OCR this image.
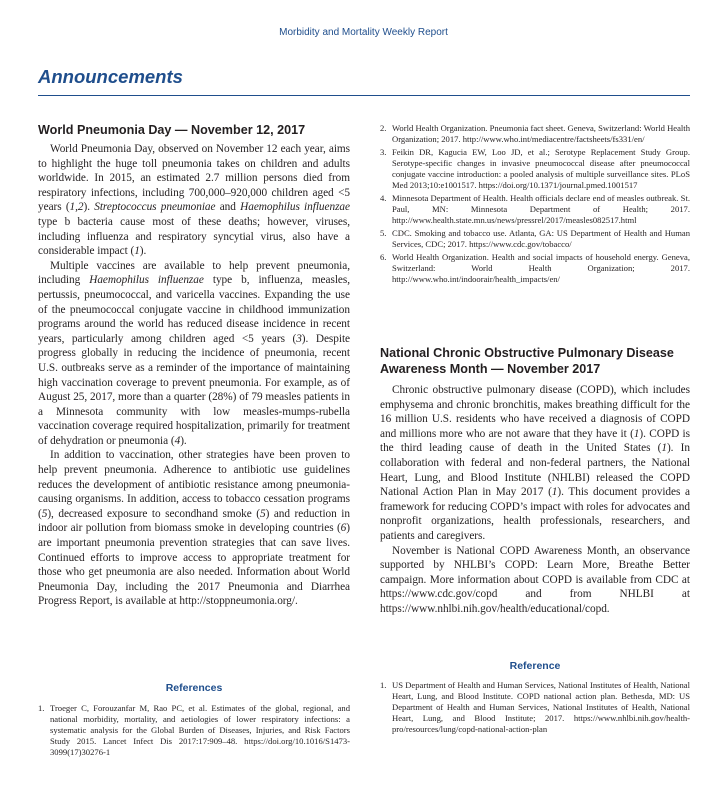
Morbidity and Mortality Weekly Report
Announcements
World Pneumonia Day — November 12, 2017

World Pneumonia Day, observed on November 12 each year, aims to highlight the huge toll pneumonia takes on children and adults worldwide. In 2015, an estimated 2.7 million persons died from respiratory infections, including 700,000–920,000 children aged <5 years (1,2). Streptococcus pneumoniae and Haemophilus influenzae type b bacteria cause most of these deaths; however, viruses, including influenza and respiratory syncytial virus, also have a considerable impact (1).

Multiple vaccines are available to help prevent pneumonia, including Haemophilus influenzae type b, influenza, measles, pertussis, pneumococcal, and varicella vaccines. Expanding the use of the pneumococcal conjugate vaccine in childhood immunization programs around the world has reduced disease incidence in recent years, particularly among children aged <5 years (3). Despite progress globally in reducing the incidence of pneumonia, recent U.S. outbreaks serve as a reminder of the importance of maintaining high vaccination coverage to prevent pneumonia. For example, as of August 25, 2017, more than a quarter (28%) of 79 measles patients in a Minnesota community with low measles-mumps-rubella vaccination coverage required hospitalization, primarily for treatment of dehydration or pneumonia (4).

In addition to vaccination, other strategies have been proven to help prevent pneumonia. Adherence to antibiotic use guidelines reduces the development of antibiotic resistance among pneumonia-causing organisms. In addition, access to tobacco cessation programs (5), decreased exposure to secondhand smoke (5) and reduction in indoor air pollution from biomass smoke in developing countries (6) are important pneumonia prevention strategies that can save lives. Continued efforts to improve access to appropriate treatment for those who get pneumonia are also needed. Information about World Pneumonia Day, including the 2017 Pneumonia and Diarrhea Progress Report, is available at http://stoppneumonia.org/.

References
1. Troeger C, Forouzanfar M, Rao PC, et al. Estimates of the global, regional, and national morbidity, mortality, and aetiologies of lower respiratory infections: a systematic analysis for the Global Burden of Diseases, Injuries, and Risk Factors Study 2015. Lancet Infect Dis 2017:17:909–48. https://doi.org/10.1016/S1473-3099(17)30276-1
2. World Health Organization. Pneumonia fact sheet. Geneva, Switzerland: World Health Organization; 2017. http://www.who.int/mediacentre/factsheets/fs331/en/
3. Feikin DR, Kagucia EW, Loo JD, et al.; Serotype Replacement Study Group. Serotype-specific changes in invasive pneumococcal disease after pneumococcal conjugate vaccine introduction: a pooled analysis of multiple surveillance sites. PLoS Med 2013;10:e1001517. https://doi.org/10.1371/journal.pmed.1001517
4. Minnesota Department of Health. Health officials declare end of measles outbreak. St. Paul, MN: Minnesota Department of Health; 2017. http://www.health.state.mn.us/news/pressrel/2017/measles082517.html
5. CDC. Smoking and tobacco use. Atlanta, GA: US Department of Health and Human Services, CDC; 2017. https://www.cdc.gov/tobacco/
6. World Health Organization. Health and social impacts of household energy. Geneva, Switzerland: World Health Organization; 2017. http://www.who.int/indoorair/health_impacts/en/
National Chronic Obstructive Pulmonary Disease Awareness Month — November 2017

Chronic obstructive pulmonary disease (COPD), which includes emphysema and chronic bronchitis, makes breathing difficult for the 16 million U.S. residents who have received a diagnosis of COPD and millions more who are not aware that they have it (1). COPD is the third leading cause of death in the United States (1). In collaboration with federal and non-federal partners, the National Heart, Lung, and Blood Institute (NHLBI) released the COPD National Action Plan in May 2017 (1). This document provides a framework for reducing COPD’s impact with roles for advocates and nonprofit organizations, health professionals, researchers, and patients and caregivers.

November is National COPD Awareness Month, an observance supported by NHLBI’s COPD: Learn More, Breathe Better campaign. More information about COPD is available from CDC at https://www.cdc.gov/copd and from NHLBI at https://www.nhlbi.nih.gov/health/educational/copd.

Reference
1. US Department of Health and Human Services, National Institutes of Health, National Heart, Lung, and Blood Institute. COPD national action plan. Bethesda, MD: US Department of Health and Human Services, National Institutes of Health, National Heart, Lung, and Blood Institute; 2017. https://www.nhlbi.nih.gov/health-pro/resources/lung/copd-national-action-plan
